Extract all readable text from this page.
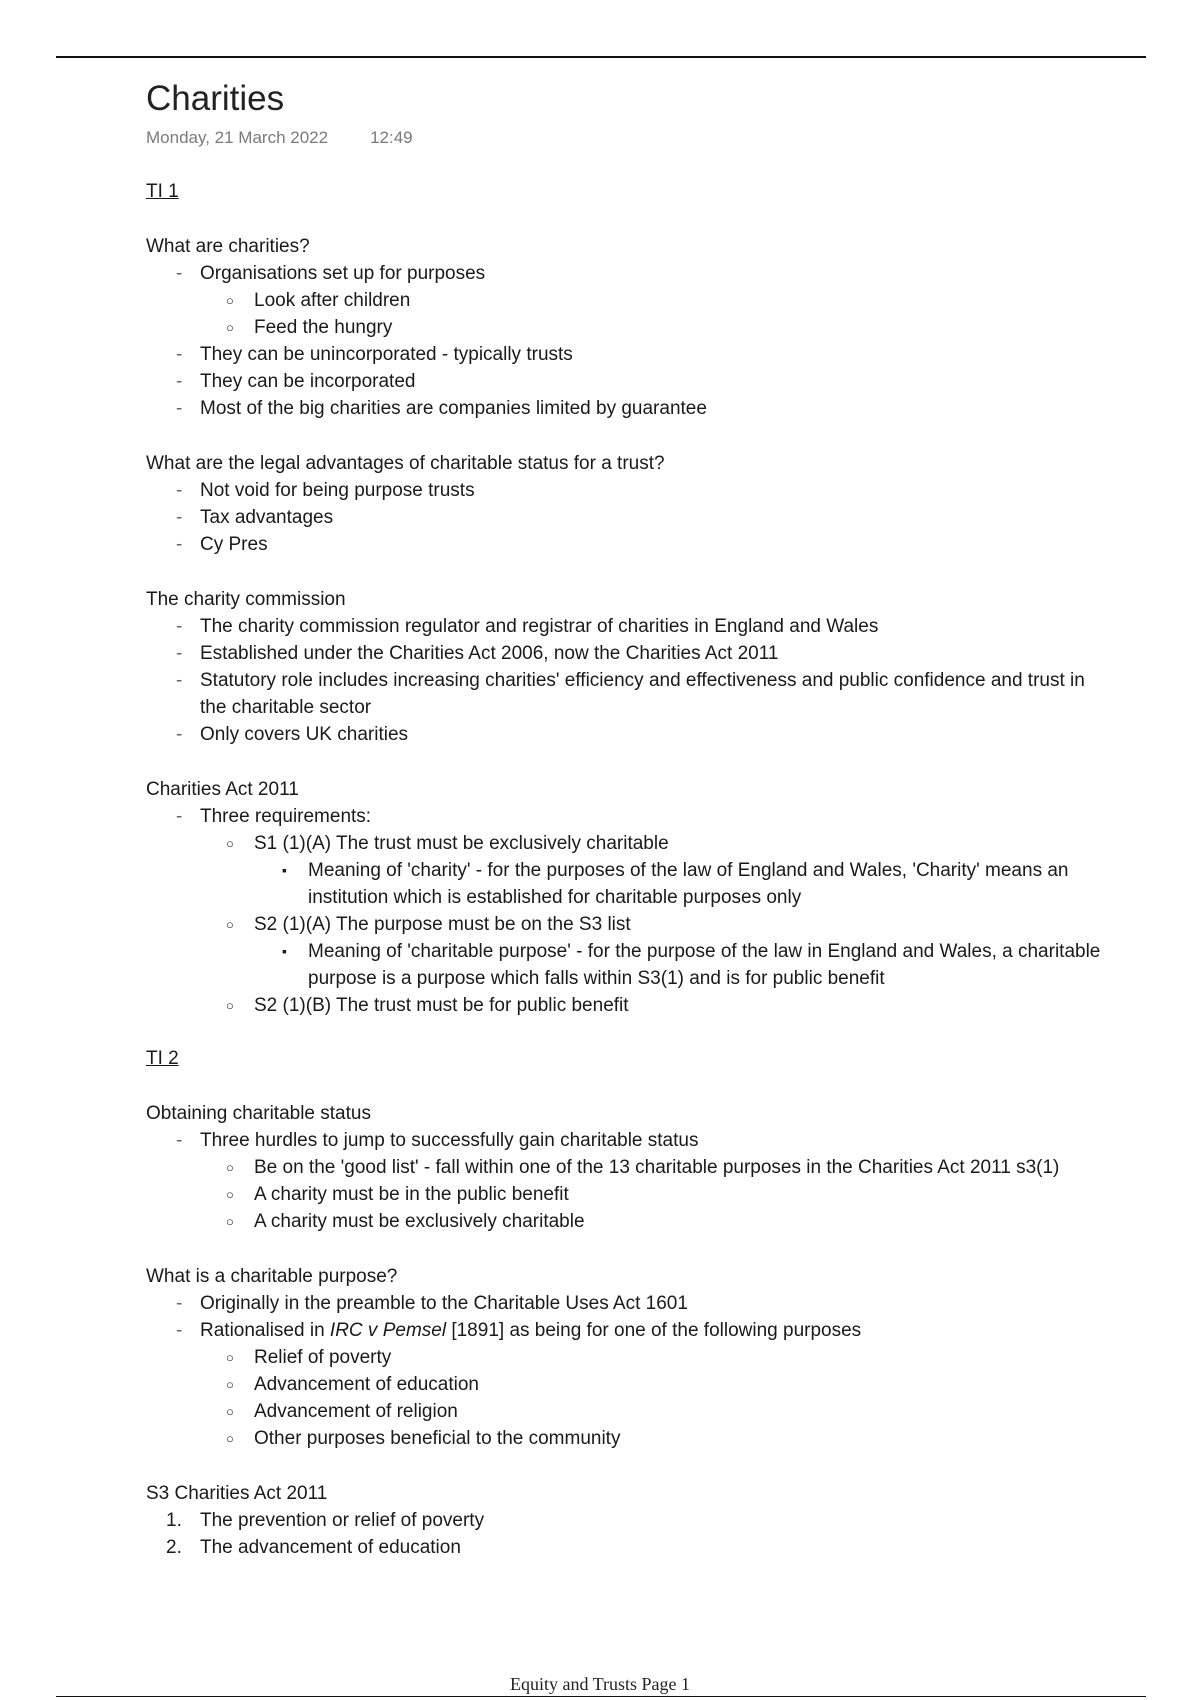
Charities
Monday, 21 March 2022 12:49
TI 1
What are charities?
- Organisations set up for purposes
○ Look after children
○ Feed the hungry
- They can be unincorporated - typically trusts
- They can be incorporated
- Most of the big charities are companies limited by guarantee
What are the legal advantages of charitable status for a trust?
- Not void for being purpose trusts
- Tax advantages
- Cy Pres
The charity commission
- The charity commission regulator and registrar of charities in England and Wales
- Established under the Charities Act 2006, now the Charities Act 2011
- Statutory role includes increasing charities' efficiency and effectiveness and public confidence and trust in the charitable sector
- Only covers UK charities
Charities Act 2011
- Three requirements:
○ S1 (1)(A) The trust must be exclusively charitable
▪ Meaning of 'charity' - for the purposes of the law of England and Wales, 'Charity' means an institution which is established for charitable purposes only
○ S2 (1)(A) The purpose must be on the S3 list
▪ Meaning of 'charitable purpose' - for the purpose of the law in England and Wales, a charitable purpose is a purpose which falls within S3(1) and is for public benefit
○ S2 (1)(B) The trust must be for public benefit
TI 2
Obtaining charitable status
- Three hurdles to jump to successfully gain charitable status
○ Be on the 'good list' - fall within one of the 13 charitable purposes in the Charities Act 2011 s3(1)
○ A charity must be in the public benefit
○ A charity must be exclusively charitable
What is a charitable purpose?
- Originally in the preamble to the Charitable Uses Act 1601
- Rationalised in IRC v Pemsel [1891] as being for one of the following purposes
○ Relief of poverty
○ Advancement of education
○ Advancement of religion
○ Other purposes beneficial to the community
S3 Charities Act 2011
1. The prevention or relief of poverty
2. The advancement of education
Equity and Trusts Page 1
